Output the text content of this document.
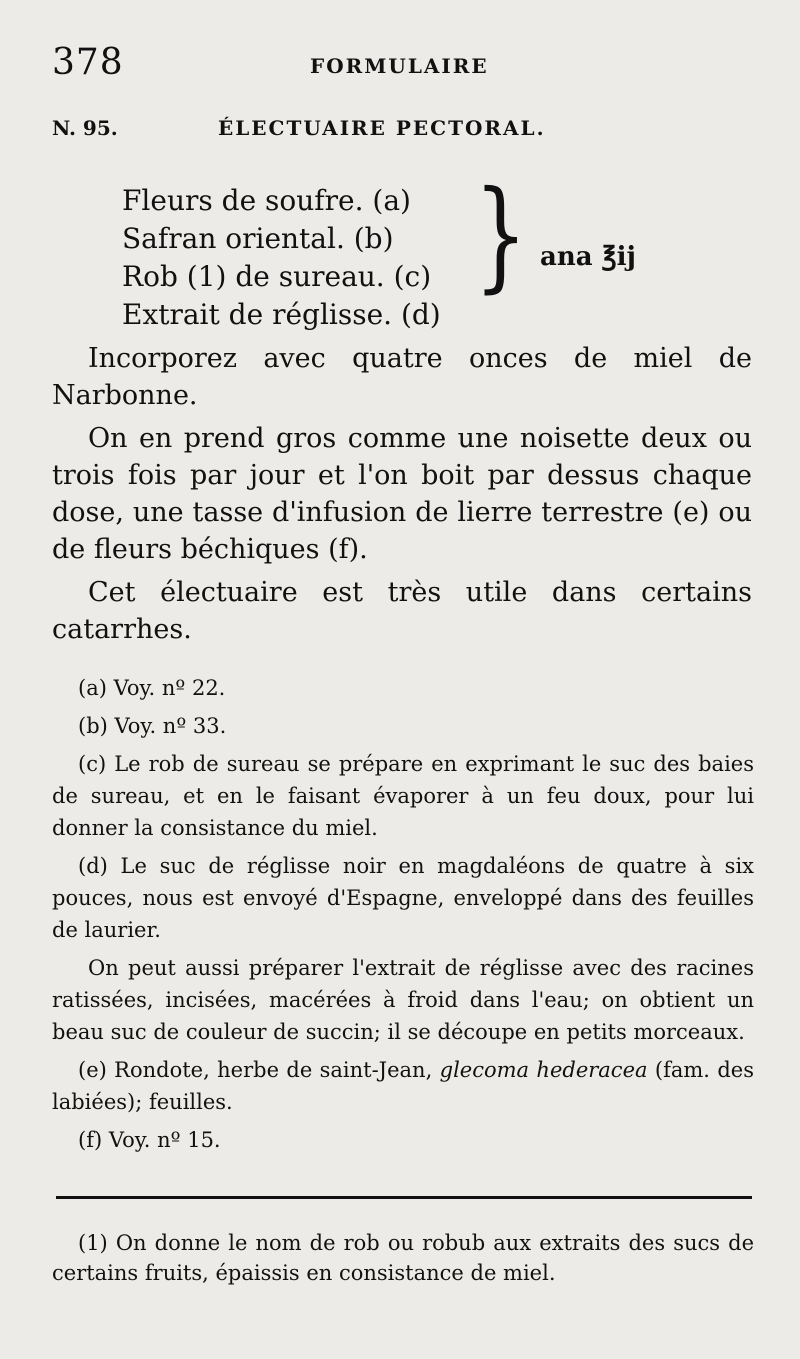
378	FORMULAIRE
N. 95.	ÉLECTUAIRE PECTORAL.
Fleurs de soufre. (a)
Safran oriental. (b)
Rob (1) de sureau. (c)
Extrait de réglisse. (d)
} ana ℥ij

Incorporez avec quatre onces de miel de Narbonne.

On en prend gros comme une noisette deux ou trois fois par jour et l'on boit par dessus chaque dose, une tasse d'infusion de lierre terrestre (e) ou de fleurs béchiques (f).

Cet électuaire est très utile dans certains catarrhes.

(a) Voy. nº 22.

(b) Voy. nº 33.

(c) Le rob de sureau se prépare en exprimant le suc des baies de sureau, et en le faisant évaporer à un feu doux, pour lui donner la consistance du miel.

(d) Le suc de réglisse noir en magdaléons de quatre à six pouces, nous est envoyé d'Espagne, enveloppé dans des feuilles de laurier.

On peut aussi préparer l'extrait de réglisse avec des racines ratissées, incisées, macérées à froid dans l'eau; on obtient un beau suc de couleur de succin; il se découpe en petits morceaux.

(e) Rondote, herbe de saint-Jean, glecoma hederacea (fam. des labiées); feuilles.

(f) Voy. nº 15.

(1) On donne le nom de rob ou robub aux extraits des sucs de certains fruits, épaissis en consistance de miel.
